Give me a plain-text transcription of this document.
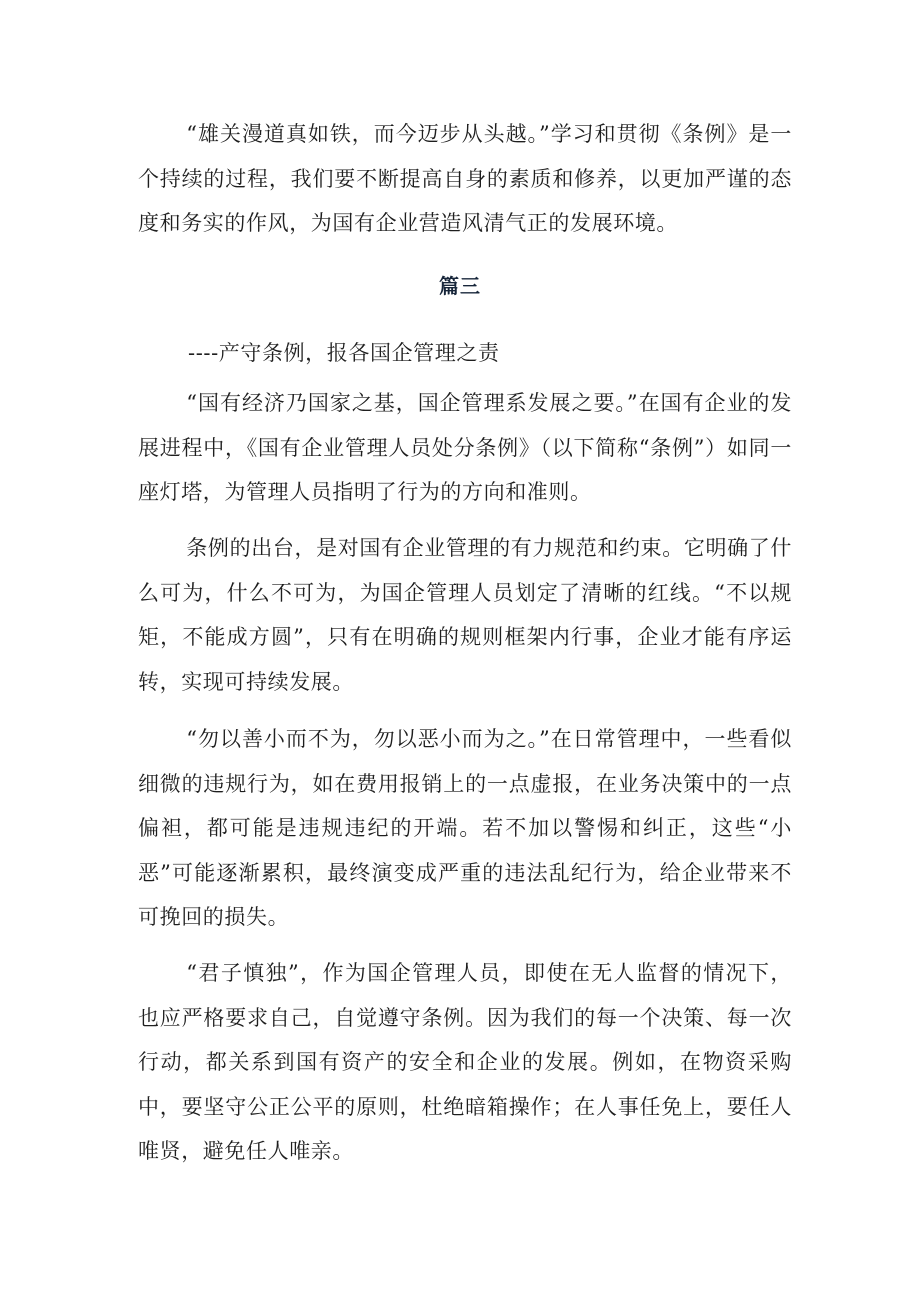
“雄关漫道真如铁，而今迈步从头越。”学习和贯彻《条例》是一个持续的过程，我们要不断提高自身的素质和修养，以更加严谨的态度和务实的作风，为国有企业营造风清气正的发展环境。

篇三
----产守条例，报各国企管理之责

“国有经济乃国家之基，国企管理系发展之要。”在国有企业的发展进程中，《国有企业管理人员处分条例》（以下简称“条例”）如同一座灯塔，为管理人员指明了行为的方向和准则。

条例的出台，是对国有企业管理的有力规范和约束。它明确了什么可为，什么不可为，为国企管理人员划定了清晰的红线。“不以规矩，不能成方圆”，只有在明确的规则框架内行事，企业才能有序运转，实现可持续发展。

“勿以善小而不为，勿以恶小而为之。”在日常管理中，一些看似细微的违规行为，如在费用报销上的一点虚报，在业务决策中的一点偏袒，都可能是违规违纪的开端。若不加以警惕和纠正，这些“小恶”可能逐渐累积，最终演变成严重的违法乱纪行为，给企业带来不可挽回的损失。

“君子慎独”，作为国企管理人员，即使在无人监督的情况下，也应严格要求自己，自觉遵守条例。因为我们的每一个决策、每一次行动，都关系到国有资产的安全和企业的发展。例如，在物资采购中，要坚守公正公平的原则，杜绝暗箱操作；在人事任免上，要任人唯贤，避免任人唯亲。
